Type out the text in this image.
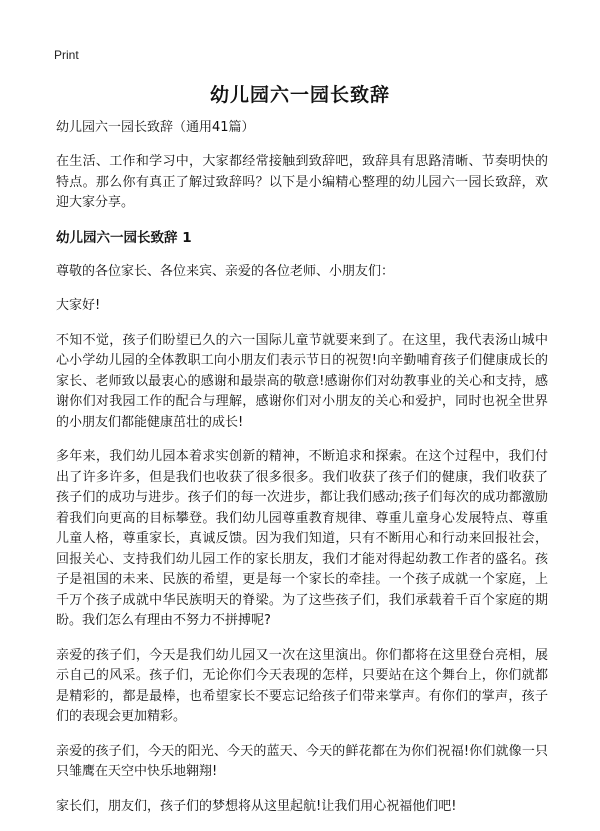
Print
幼儿园六一园长致辞

幼儿园六一园长致辞（通用41篇）

在生活、工作和学习中，大家都经常接触到致辞吧，致辞具有思路清晰、节奏明快的特点。那么你有真正了解过致辞吗？以下是小编精心整理的幼儿园六一园长致辞，欢迎大家分享。

幼儿园六一园长致辞 1

尊敬的各位家长、各位来宾、亲爱的各位老师、小朋友们：

大家好!

不知不觉，孩子们盼望已久的六一国际儿童节就要来到了。在这里，我代表汤山城中心小学幼儿园的全体教职工向小朋友们表示节日的祝贺!向辛勤哺育孩子们健康成长的家长、老师致以最衷心的感谢和最崇高的敬意!感谢你们对幼教事业的关心和支持，感谢你们对我园工作的配合与理解，感谢你们对小朋友的关心和爱护，同时也祝全世界的小朋友们都能健康茁壮的成长!

多年来，我们幼儿园本着求实创新的精神，不断追求和探索。在这个过程中，我们付出了许多许多，但是我们也收获了很多很多。我们收获了孩子们的健康，我们收获了孩子们的成功与进步。孩子们的每一次进步，都让我们感动;孩子们每次的成功都激励着我们向更高的目标攀登。我们幼儿园尊重教育规律、尊重儿童身心发展特点、尊重儿童人格，尊重家长，真诚反馈。因为我们知道，只有不断用心和行动来回报社会，回报关心、支持我们幼儿园工作的家长朋友，我们才能对得起幼教工作者的盛名。孩子是祖国的未来、民族的希望，更是每一个家长的牵挂。一个孩子成就一个家庭，上千万个孩子成就中华民族明天的脊梁。为了这些孩子们，我们承载着千百个家庭的期盼。我们怎么有理由不努力不拼搏呢?

亲爱的孩子们，今天是我们幼儿园又一次在这里演出。你们都将在这里登台亮相，展示自己的风采。孩子们，无论你们今天表现的怎样，只要站在这个舞台上，你们就都是精彩的，都是最棒，也希望家长不要忘记给孩子们带来掌声。有你们的掌声，孩子们的表现会更加精彩。

亲爱的孩子们，今天的阳光、今天的蓝天、今天的鲜花都在为你们祝福!你们就像一只只雏鹰在天空中快乐地翱翔!

家长们，朋友们，孩子们的梦想将从这里起航!让我们用心祝福他们吧!
